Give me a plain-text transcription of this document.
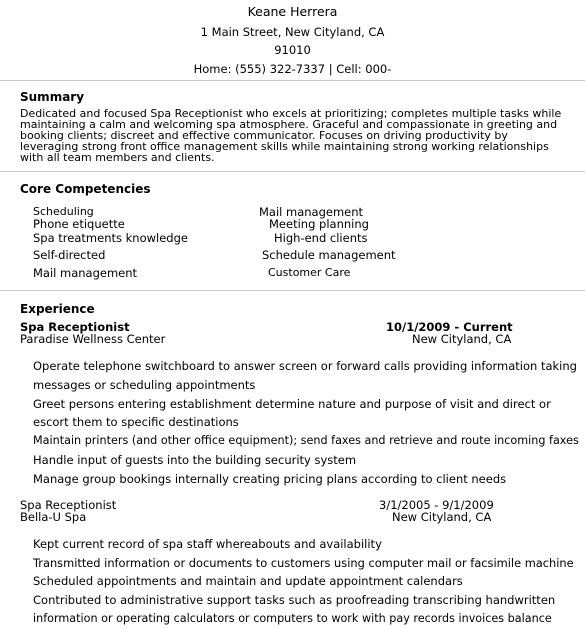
Keane Herrera
1 Main Street, New Cityland, CA
91010
Home: (555) 322-7337 | Cell: 000-
Summary
Dedicated and focused Spa Receptionist who excels at prioritizing; completes multiple tasks while
maintaining a calm and welcoming spa atmosphere. Graceful and compassionate in greeting and
booking clients; discreet and effective communicator. Focuses on driving productivity by
leveraging strong front office management skills while maintaining strong working relationships
with all team members and clients.
Core Competencies
Scheduling
Phone etiquette
Spa treatments knowledge
Self-directed
Mail management
Mail management
Meeting planning
High-end clients
Schedule management
Customer Care
Experience
Spa Receptionist	10/1/2009 - Current
Paradise Wellness Center	New Cityland, CA
Operate telephone switchboard to answer screen or forward calls providing information taking
messages or scheduling appointments
Greet persons entering establishment determine nature and purpose of visit and direct or
escort them to specific destinations
Maintain printers (and other office equipment); send faxes and retrieve and route incoming faxes
Handle input of guests into the building security system
Manage group bookings internally creating pricing plans according to client needs
Spa Receptionist	3/1/2005 - 9/1/2009
Bella-U Spa	New Cityland, CA
Kept current record of spa staff whereabouts and availability
Transmitted information or documents to customers using computer mail or facsimile machine
Scheduled appointments and maintain and update appointment calendars
Contributed to administrative support tasks such as proofreading transcribing handwritten
information or operating calculators or computers to work with pay records invoices balance
